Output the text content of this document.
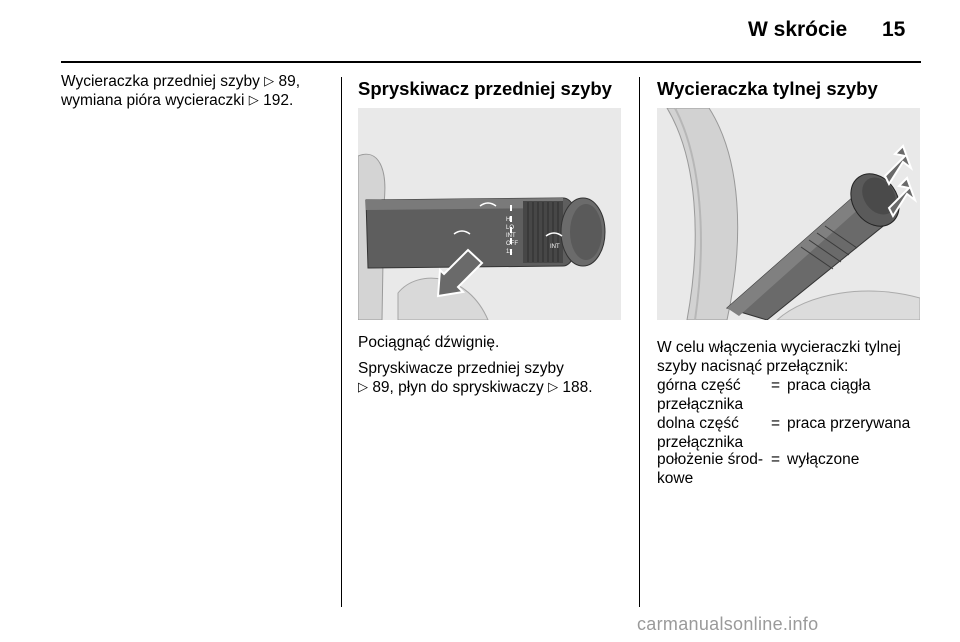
W skrócie 15
Wycieraczka przedniej szyby ▷ 89,
wymiana pióra wycieraczki ▷ 192.
Spryskiwacz przedniej szyby
HI
LO
INT
OFF
1x
INT
Pociągnąć dźwignię.
Spryskiwacze przedniej szyby
▷ 89, płyn do spryskiwaczy ▷ 188.
Wycieraczka tylnej szyby
W celu włączenia wycieraczki tylnej
szyby nacisnąć przełącznik:
górna część
przełącznika
= praca ciągła
dolna część
przełącznika
= praca przerywana
położenie środ-
kowe
= wyłączone
carmanualsonline.info
